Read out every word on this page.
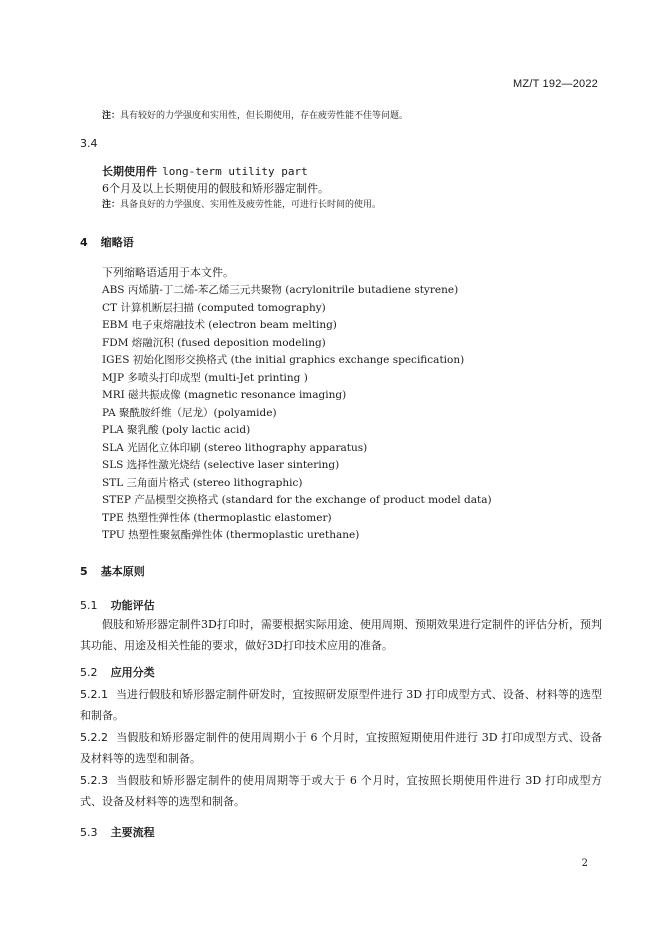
MZ/T 192—2022
注：具有较好的力学强度和实用性，但长期使用，存在疲劳性能不佳等问题。
3.4
长期使用件 long-term utility part
6个月及以上长期使用的假肢和矫形器定制件。
注：具备良好的力学强度、实用性及疲劳性能，可进行长时间的使用。
4 缩略语
下列缩略语适用于本文件。
ABS 丙烯腈-丁二烯-苯乙烯三元共聚物 (acrylonitrile butadiene styrene)
CT 计算机断层扫描 (computed tomography)
EBM 电子束熔融技术 (electron beam melting)
FDM 熔融沉积 (fused deposition modeling)
IGES 初始化图形交换格式 (the initial graphics exchange specification)
MJP 多喷头打印成型 (multi-Jet printing )
MRI 磁共振成像 (magnetic resonance imaging)
PA 聚酰胺纤维（尼龙）(polyamide)
PLA 聚乳酸 (poly lactic acid)
SLA 光固化立体印刷 (stereo lithography apparatus)
SLS 选择性激光烧结 (selective laser sintering)
STL 三角面片格式 (stereo lithographic)
STEP 产品模型交换格式 (standard for the exchange of product model data)
TPE 热塑性弹性体 (thermoplastic elastomer)
TPU 热塑性聚氨酯弹性体 (thermoplastic urethane)
5 基本原则
5.1 功能评估
假肢和矫形器定制件3D打印时，需要根据实际用途、使用周期、预期效果进行定制件的评估分析，预判其功能、用途及相关性能的要求，做好3D打印技术应用的准备。
5.2 应用分类
5.2.1 当进行假肢和矫形器定制件研发时，宜按照研发原型件进行 3D 打印成型方式、设备、材料等的选型和制备。
5.2.2 当假肢和矫形器定制件的使用周期小于 6 个月时，宜按照短期使用件进行 3D 打印成型方式、设备及材料等的选型和制备。
5.2.3 当假肢和矫形器定制件的使用周期等于或大于 6 个月时，宜按照长期使用件进行 3D 打印成型方式、设备及材料等的选型和制备。
5.3 主要流程
2
